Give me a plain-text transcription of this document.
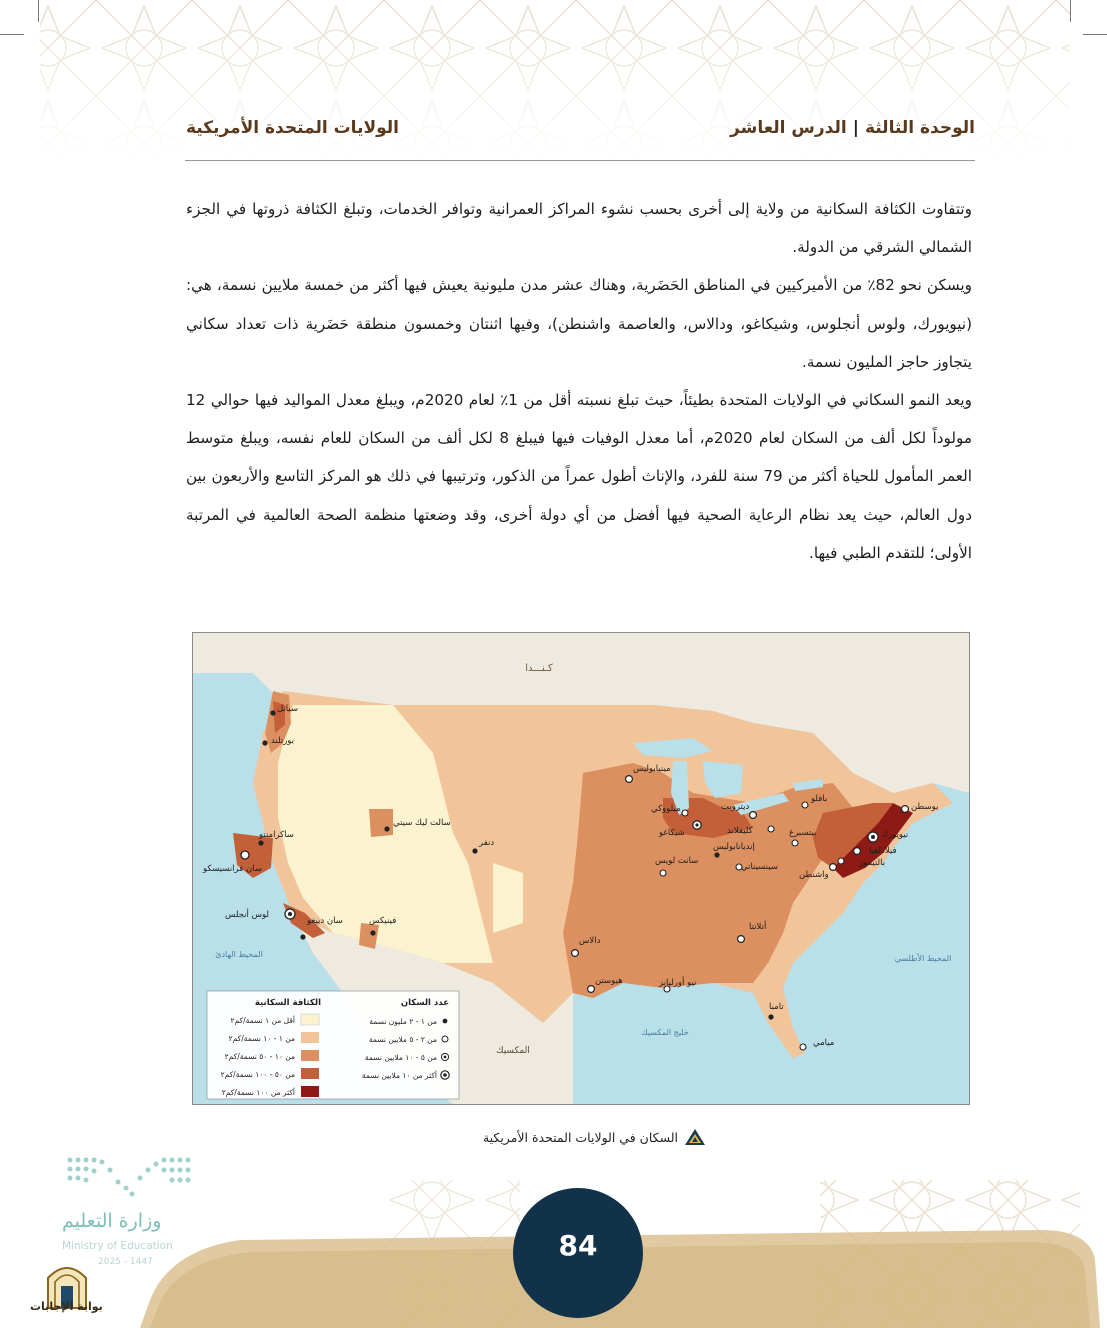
الوحدة الثالثة|الدرس العاشر
الولايات المتحدة الأمريكية

وتتفاوت الكثافة السكانية من ولاية إلى أخرى بحسب نشوء المراكز العمرانية وتوافر الخدمات، وتبلغ الكثافة ذروتها في الجزء الشمالي الشرقي من الدولة.

ويسكن نحو 82٪ من الأميركيين في المناطق الحَضَرية، وهناك عشر مدن مليونية يعيش فيها أكثر من خمسة ملايين نسمة، هي: (نيويورك، ولوس أنجلوس، وشيكاغو، ودالاس، والعاصمة واشنطن)، وفيها اثنتان وخمسون منطقة حَضَرية ذات تعداد سكاني يتجاوز حاجز المليون نسمة.

ويعد النمو السكاني في الولايات المتحدة بطيئاً، حيث تبلغ نسبته أقل من 1٪ لعام 2020م، ويبلغ معدل المواليد فيها حوالي 12 مولوداً لكل ألف من السكان لعام 2020م، أما معدل الوفيات فيها فيبلغ 8 لكل ألف من السكان للعام نفسه، ويبلغ متوسط العمر المأمول للحياة أكثر من 79 سنة للفرد، والإناث أطول عمراً من الذكور، وترتيبها في ذلك هو المركز التاسع والأربعون بين دول العالم، حيث يعد نظام الرعاية الصحية فيها أفضل من أي دولة أخرى، وقد وضعتها منظمة الصحة العالمية في المرتبة الأولى؛ للتقدم الطبي فيها.

كـنـــدا
المحيط الهادئ	المحيط الأطلسي
خليج المكسيك
المكسيك
سياتل
بورتلند
ساكرامنتو
سان فرانسيسكو
لوس أنجلس
سان دييغو
سالت ليك سيتي
دنفر
فينيكس
مينيابوليس
ميلووكي
شيكاغو
ديترويت
كليفلاند
بافلو
بوسطن
نيويورك
فيلادلفيا
بالتيمور
واشنطن
بيتسبرغ
إنديانابوليس
سانت لويس
سينسيناتي
أتلانتا
دالاس
هيوستن	نيو أورليانز
تامبا
ميامي
عدد السكان
الكثافة السكانية
من ١ - ٢ مليون نسمة
من ٢ - ٥ ملايين نسمة
من ٥ - ١٠ ملايين نسمة
أكثر من ١٠ ملايين نسمة
أقل من ١ نسمة/كم٢
من ١ - ١٠ نسمة/كم٢
من ١٠ - ٥٠ نسمة/كم٢
من ٥٠ - ١٠٠ نسمة/كم٢
أكثر من ١٠٠ نسمة/كم٢
السكان في الولايات المتحدة الأمريكية
وزارة التعليم
Ministry of Education
2025 - 1447
84
بوابة الإجابات
